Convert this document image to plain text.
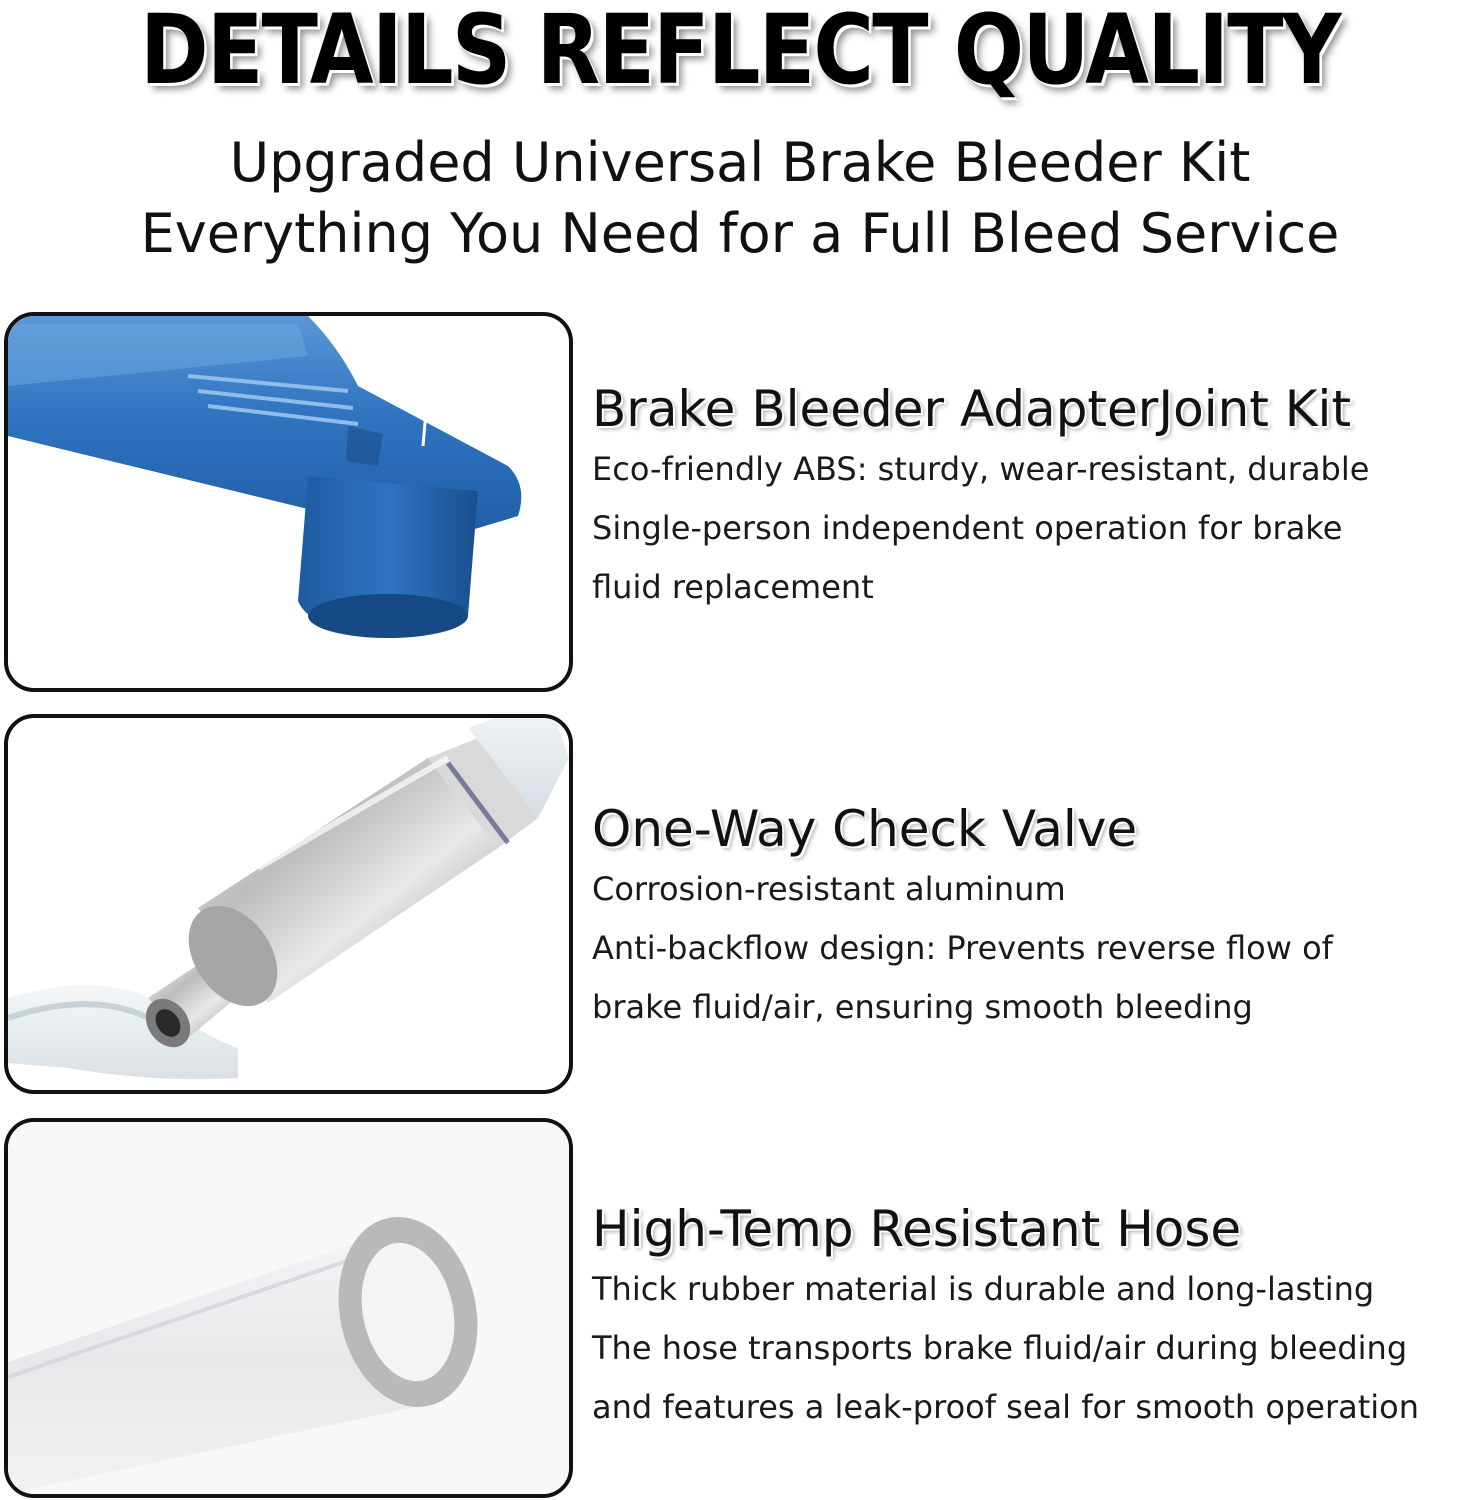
DETAILS REFLECT QUALITY
Upgraded Universal Brake Bleeder Kit
Everything You Need for a Full Bleed Service
Brake Bleeder AdapterJoint Kit
Eco-friendly ABS: sturdy, wear-resistant, durable
Single-person independent operation for brake
fluid replacement
One-Way Check Valve
Corrosion-resistant aluminum
Anti-backflow design: Prevents reverse flow of
brake fluid/air, ensuring smooth bleeding
High-Temp Resistant Hose
Thick rubber material is durable and long-lasting
The hose transports brake fluid/air during bleeding
and features a leak-proof seal for smooth operation
